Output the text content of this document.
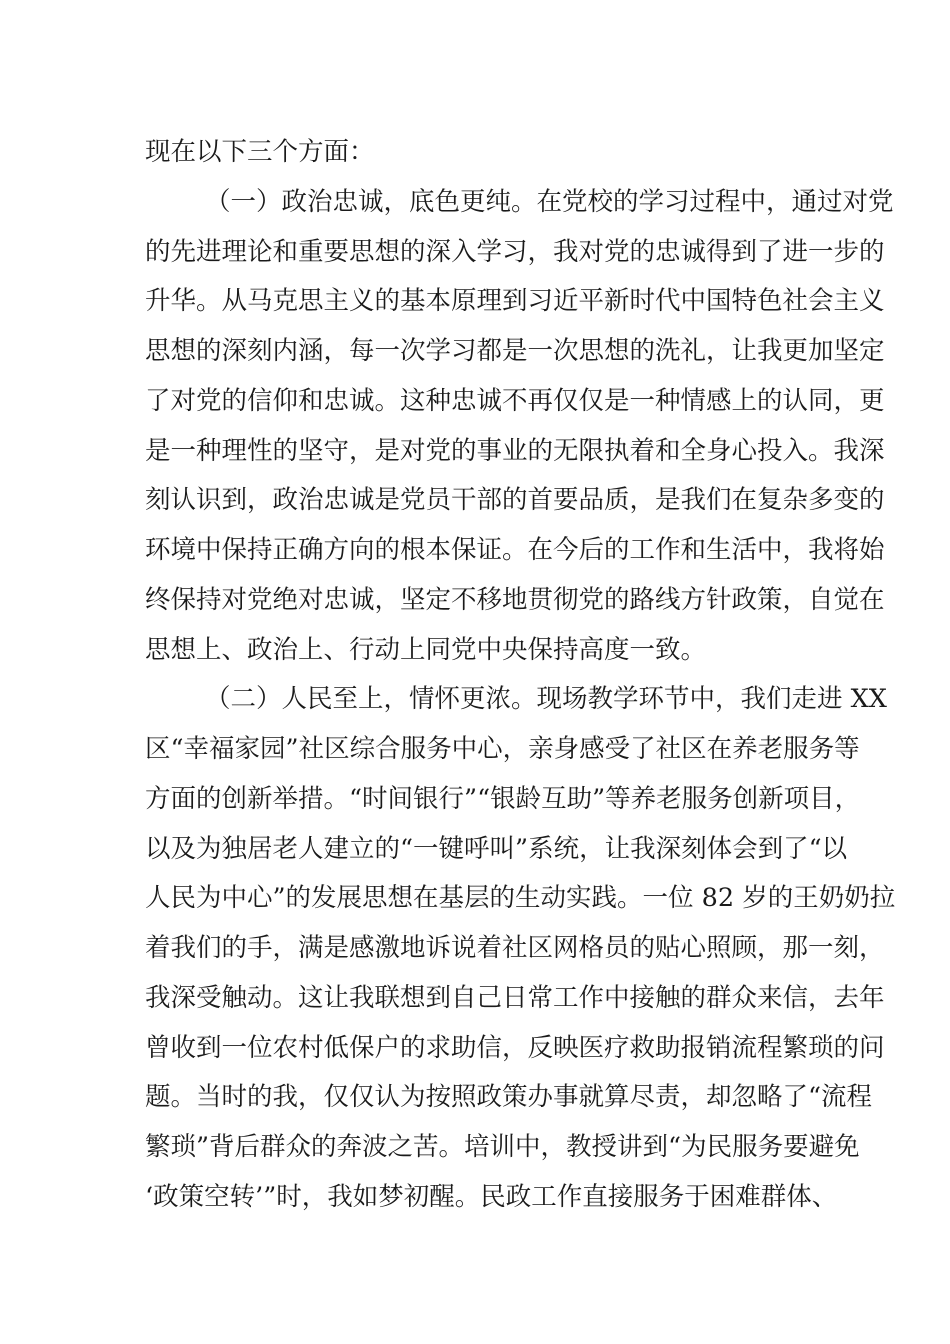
现在以下三个方面：
（一）政治忠诚，底色更纯。在党校的学习过程中，通过对党
的先进理论和重要思想的深入学习，我对党的忠诚得到了进一步的
升华。从马克思主义的基本原理到习近平新时代中国特色社会主义
思想的深刻内涵，每一次学习都是一次思想的洗礼，让我更加坚定
了对党的信仰和忠诚。这种忠诚不再仅仅是一种情感上的认同，更
是一种理性的坚守，是对党的事业的无限执着和全身心投入。我深
刻认识到，政治忠诚是党员干部的首要品质，是我们在复杂多变的
环境中保持正确方向的根本保证。在今后的工作和生活中，我将始
终保持对党绝对忠诚，坚定不移地贯彻党的路线方针政策，自觉在
思想上、政治上、行动上同党中央保持高度一致。
（二）人民至上，情怀更浓。现场教学环节中，我们走进 XX
区“幸福家园”社区综合服务中心，亲身感受了社区在养老服务等
方面的创新举措。“时间银行”“银龄互助”等养老服务创新项目，
以及为独居老人建立的“一键呼叫”系统，让我深刻体会到了“以
人民为中心”的发展思想在基层的生动实践。一位 82 岁的王奶奶拉
着我们的手，满是感激地诉说着社区网格员的贴心照顾，那一刻，
我深受触动。这让我联想到自己日常工作中接触的群众来信，去年
曾收到一位农村低保户的求助信，反映医疗救助报销流程繁琐的问
题。当时的我，仅仅认为按照政策办事就算尽责，却忽略了“流程
繁琐”背后群众的奔波之苦。培训中，教授讲到“为民服务要避免
‘政策空转’”时，我如梦初醒。民政工作直接服务于困难群体、
